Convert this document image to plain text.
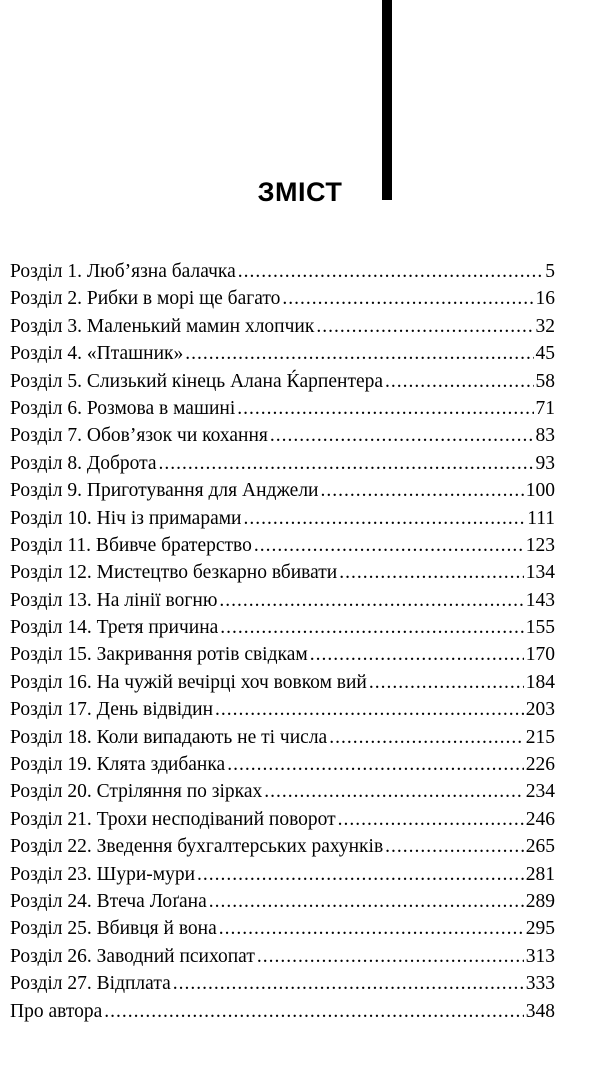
ЗМІСТ
Розділ 1. Люб’язна балачка .....	5
Розділ 2. Рибки в морі ще багато .....	16
Розділ 3. Маленький мамин хлопчик .....	32
Розділ 4. «Пташник» .....	45
Розділ 5. Слизький кінець Алана Ќарпентера .....	58
Розділ 6. Розмова в машині .....	71
Розділ 7. Обов’язок чи кохання .....	83
Розділ 8. Доброта .....	93
Розділ 9. Приготування для Анджели .....	100
Розділ 10. Ніч із примарами .....	111
Розділ 11. Вбивче братерство .....	123
Розділ 12. Мистецтво безкарно вбивати .....	134
Розділ 13. На лінії вогню .....	143
Розділ 14. Третя причина .....	155
Розділ 15. Закривання ротів свідкам .....	170
Розділ 16. На чужій вечірці хоч вовком вий .....	184
Розділ 17. День відвідин .....	203
Розділ 18. Коли випадають не ті числа .....	215
Розділ 19. Клята здибанка .....	226
Розділ 20. Стріляння по зірках .....	234
Розділ 21. Трохи несподіваний поворот .....	246
Розділ 22. Зведення бухгалтерських рахунків .....	265
Розділ 23. Шури-мури .....	281
Розділ 24. Втеча Лоґана .....	289
Розділ 25. Вбивця й вона .....	295
Розділ 26. Заводний психопат .....	313
Розділ 27. Відплата .....	333
Про автора .....	348
